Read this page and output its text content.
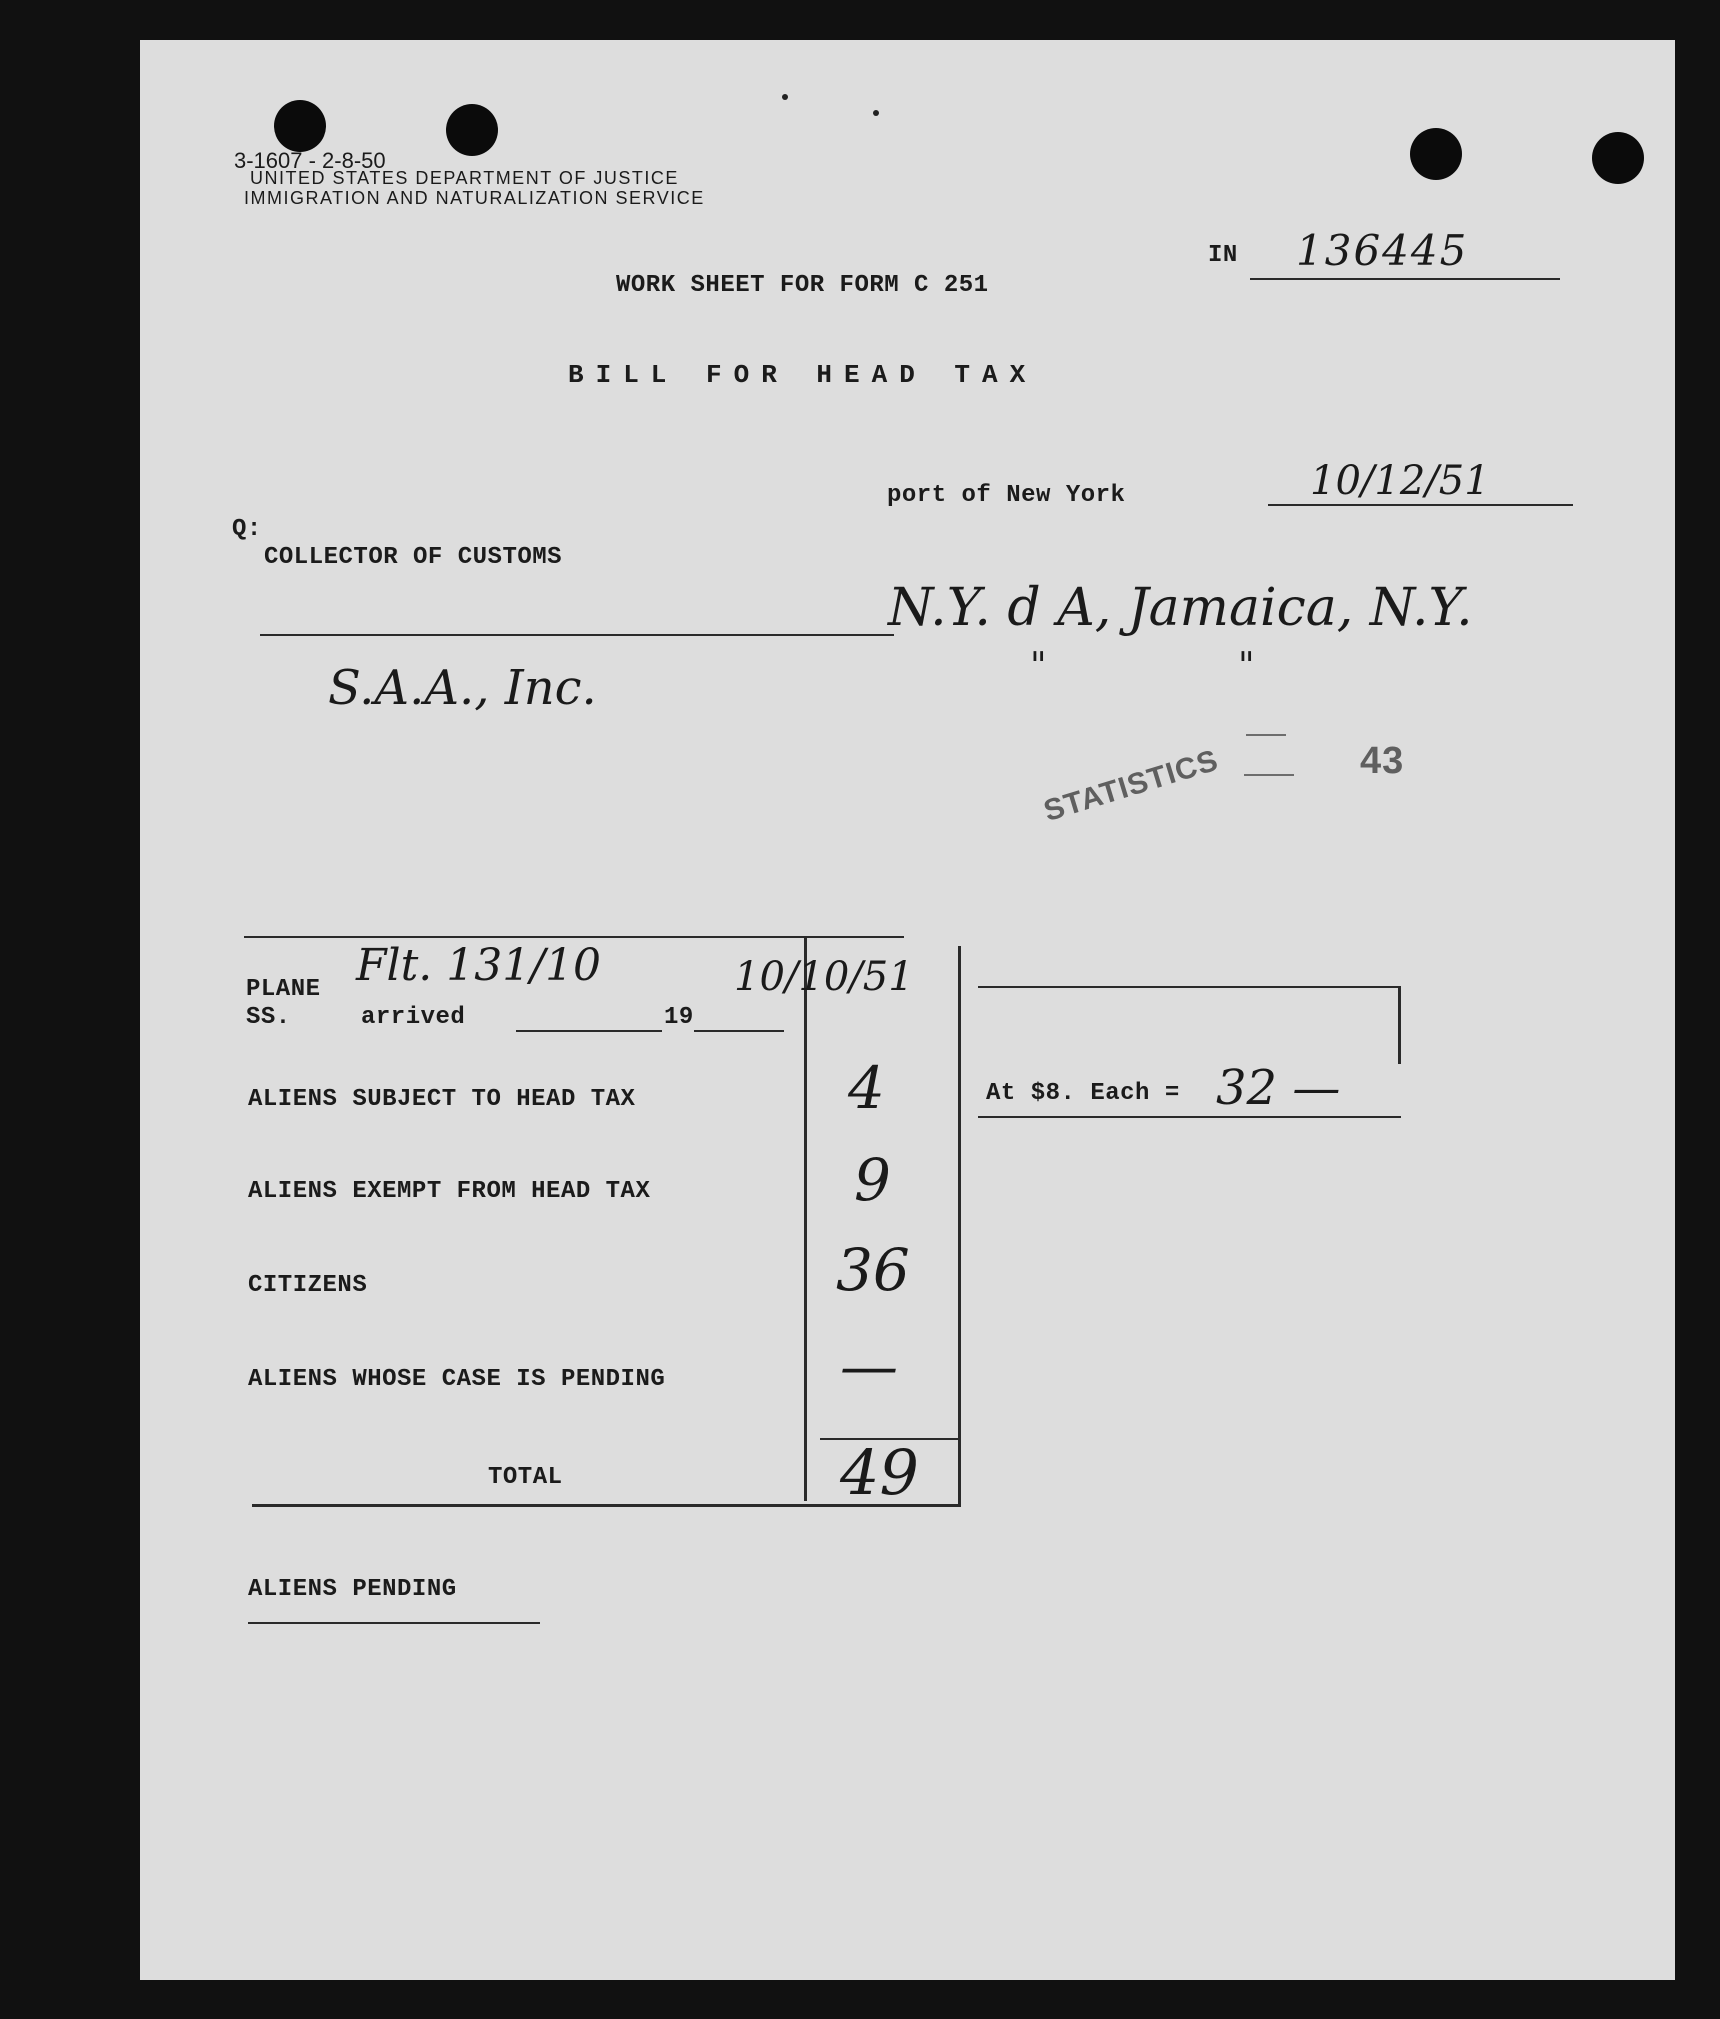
3-1607 - 2-8-50
UNITED STATES DEPARTMENT OF JUSTICE
IMMIGRATION AND NATURALIZATION SERVICE
IN 136445
WORK SHEET FOR FORM C 251
BILL FOR HEAD TAX
port of New York	10/12/51
Q:
COLLECTOR OF CUSTOMS
N.Y. d A, Jamaica, N.Y.
" "
S.A.A., Inc.
STATISTICS	43
PLANE
SS.	arrived	19
Flt. 131/10	10/10/51
ALIENS SUBJECT TO HEAD TAX	4
ALIENS EXEMPT FROM HEAD TAX	9
CITIZENS	36
ALIENS WHOSE CASE IS PENDING	—
TOTAL	49
At $8. Each = 32 —
ALIENS PENDING
